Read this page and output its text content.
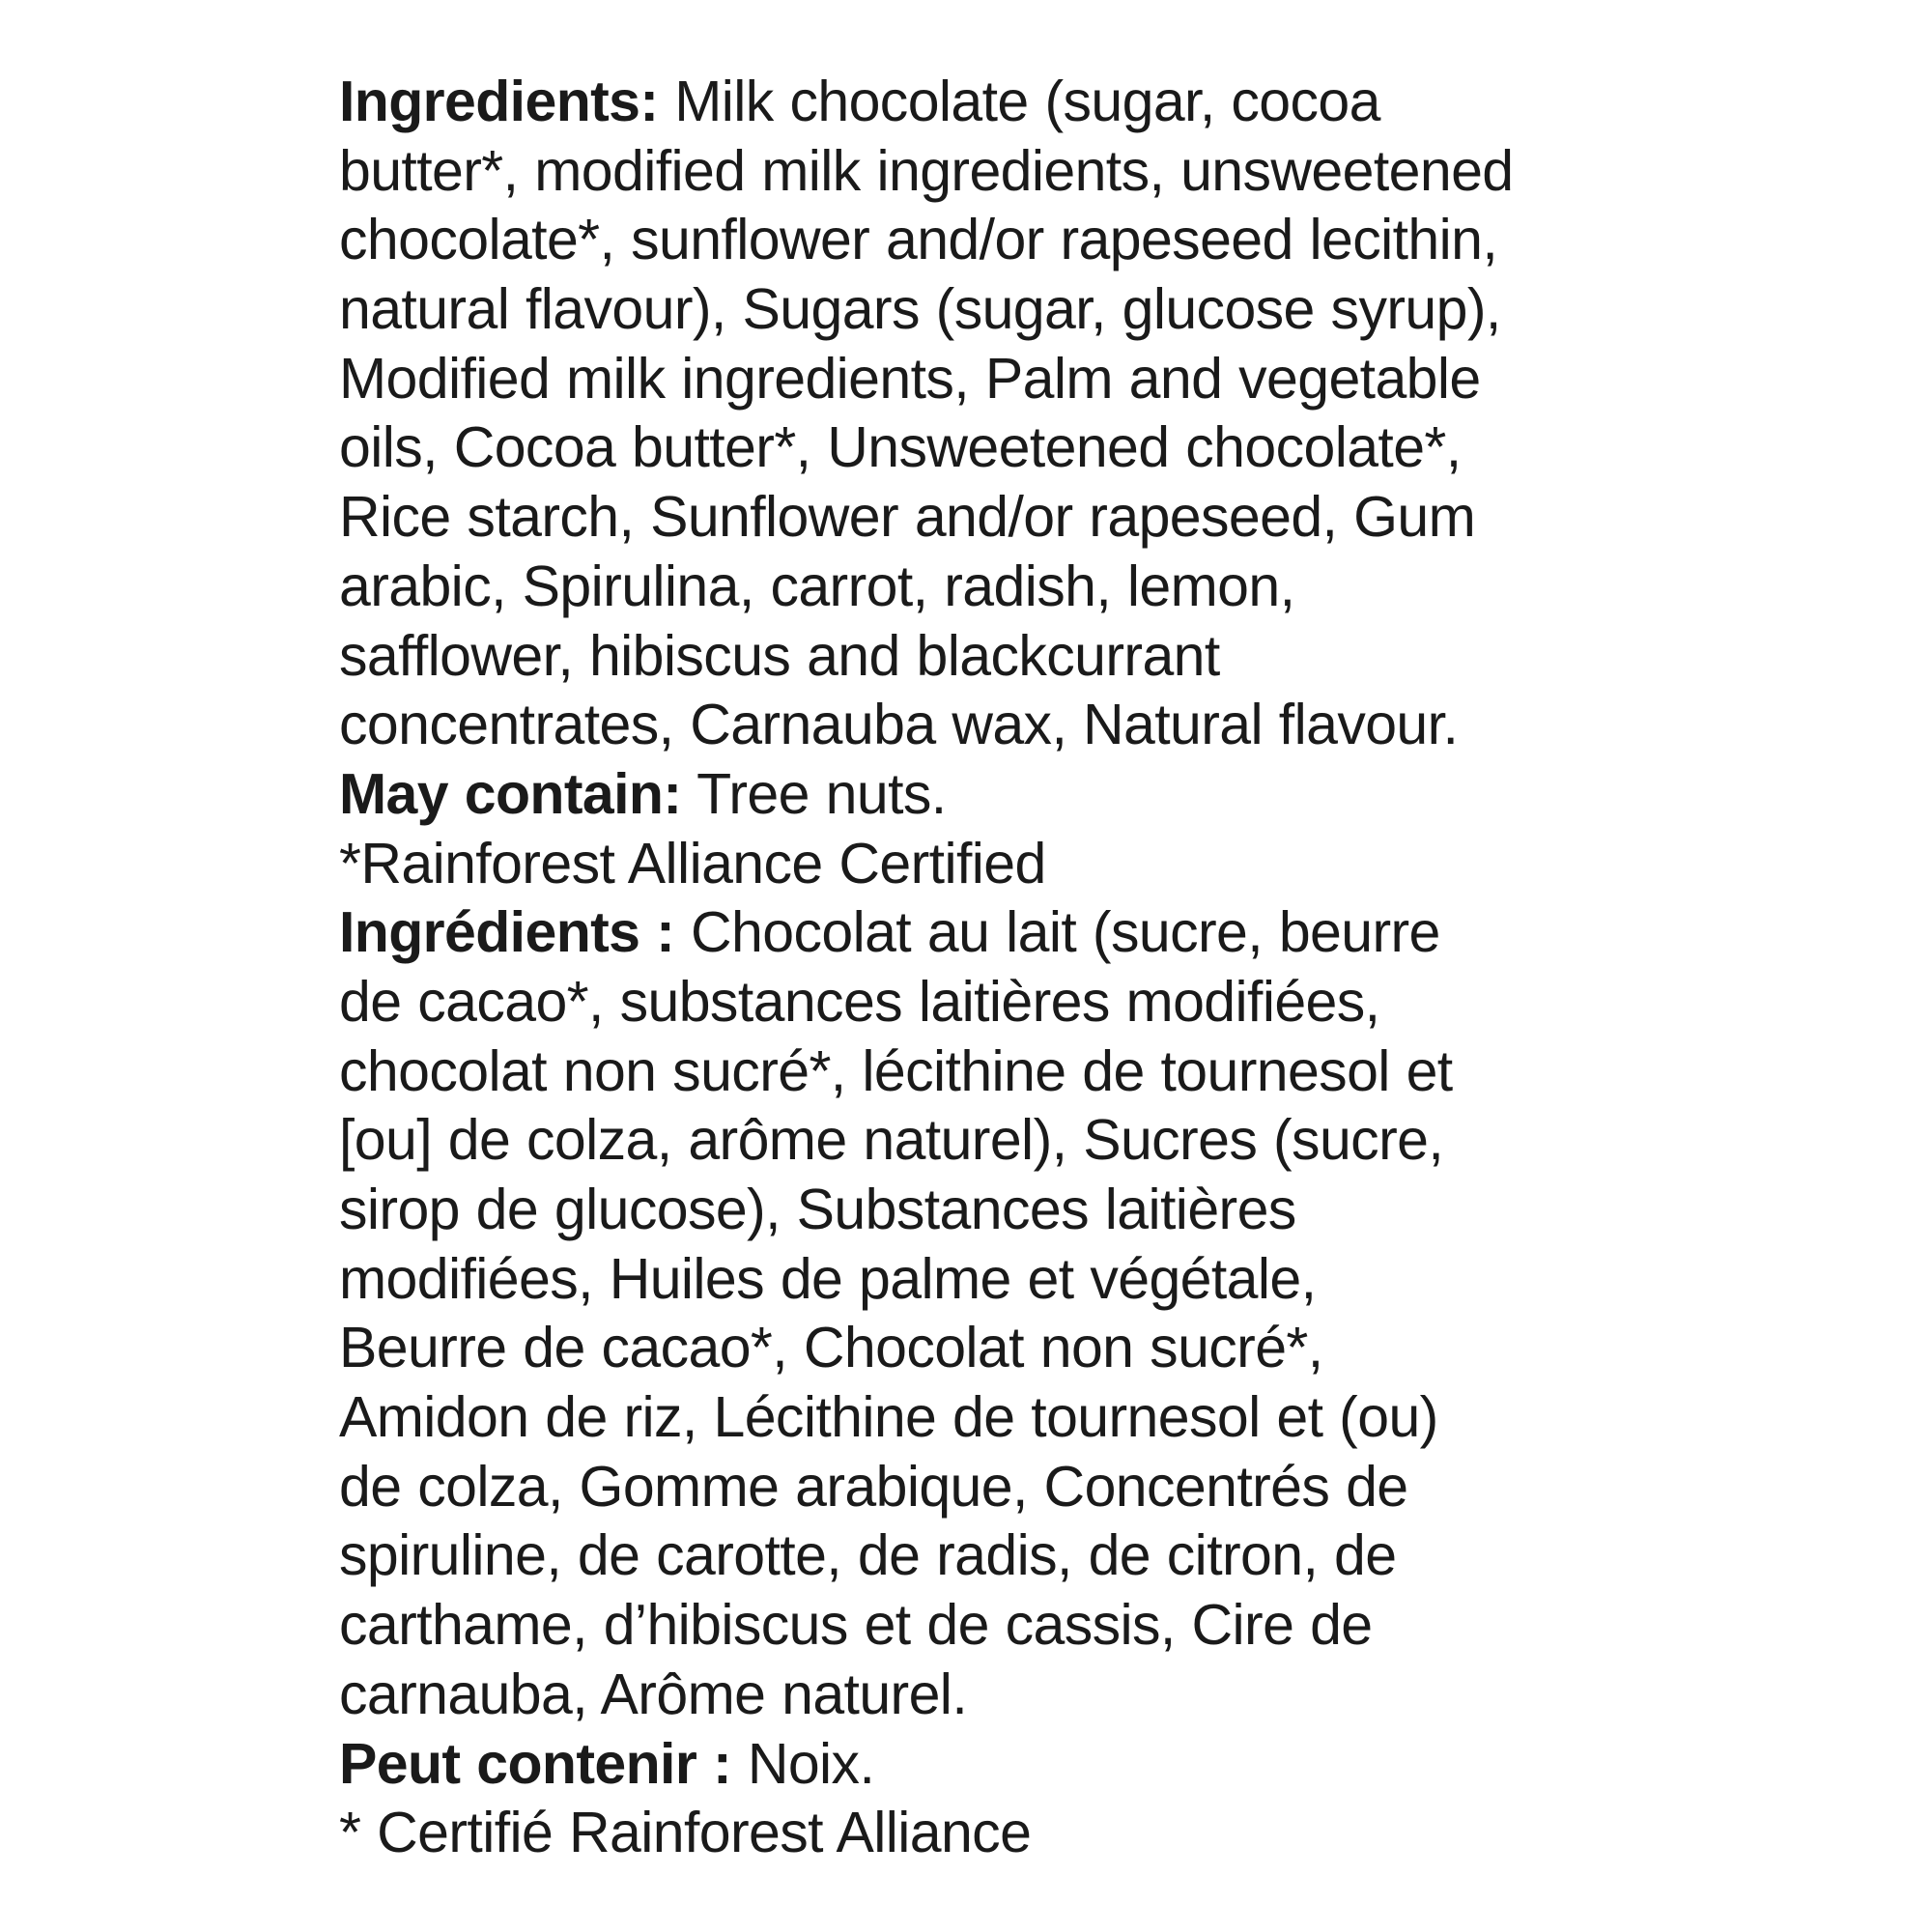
Ingredients: Milk chocolate (sugar, cocoa
butter*, modified milk ingredients, unsweetened
chocolate*, sunflower and/or rapeseed lecithin,
natural flavour), Sugars (sugar, glucose syrup),
Modified milk ingredients, Palm and vegetable
oils, Cocoa butter*, Unsweetened chocolate*,
Rice starch, Sunflower and/or rapeseed, Gum
arabic, Spirulina, carrot, radish, lemon,
safflower, hibiscus and blackcurrant
concentrates, Carnauba wax, Natural flavour.
May contain: Tree nuts.
*Rainforest Alliance Certified
Ingrédients : Chocolat au lait (sucre, beurre
de cacao*, substances laitières modifiées,
chocolat non sucré*, lécithine de tournesol et
[ou] de colza, arôme naturel), Sucres (sucre,
sirop de glucose), Substances laitières
modifiées, Huiles de palme et végétale,
Beurre de cacao*, Chocolat non sucré*,
Amidon de riz, Lécithine de tournesol et (ou)
de colza, Gomme arabique, Concentrés de
spiruline, de carotte, de radis, de citron, de
carthame, d’hibiscus et de cassis, Cire de
carnauba, Arôme naturel.
Peut contenir : Noix.
* Certifié Rainforest Alliance
